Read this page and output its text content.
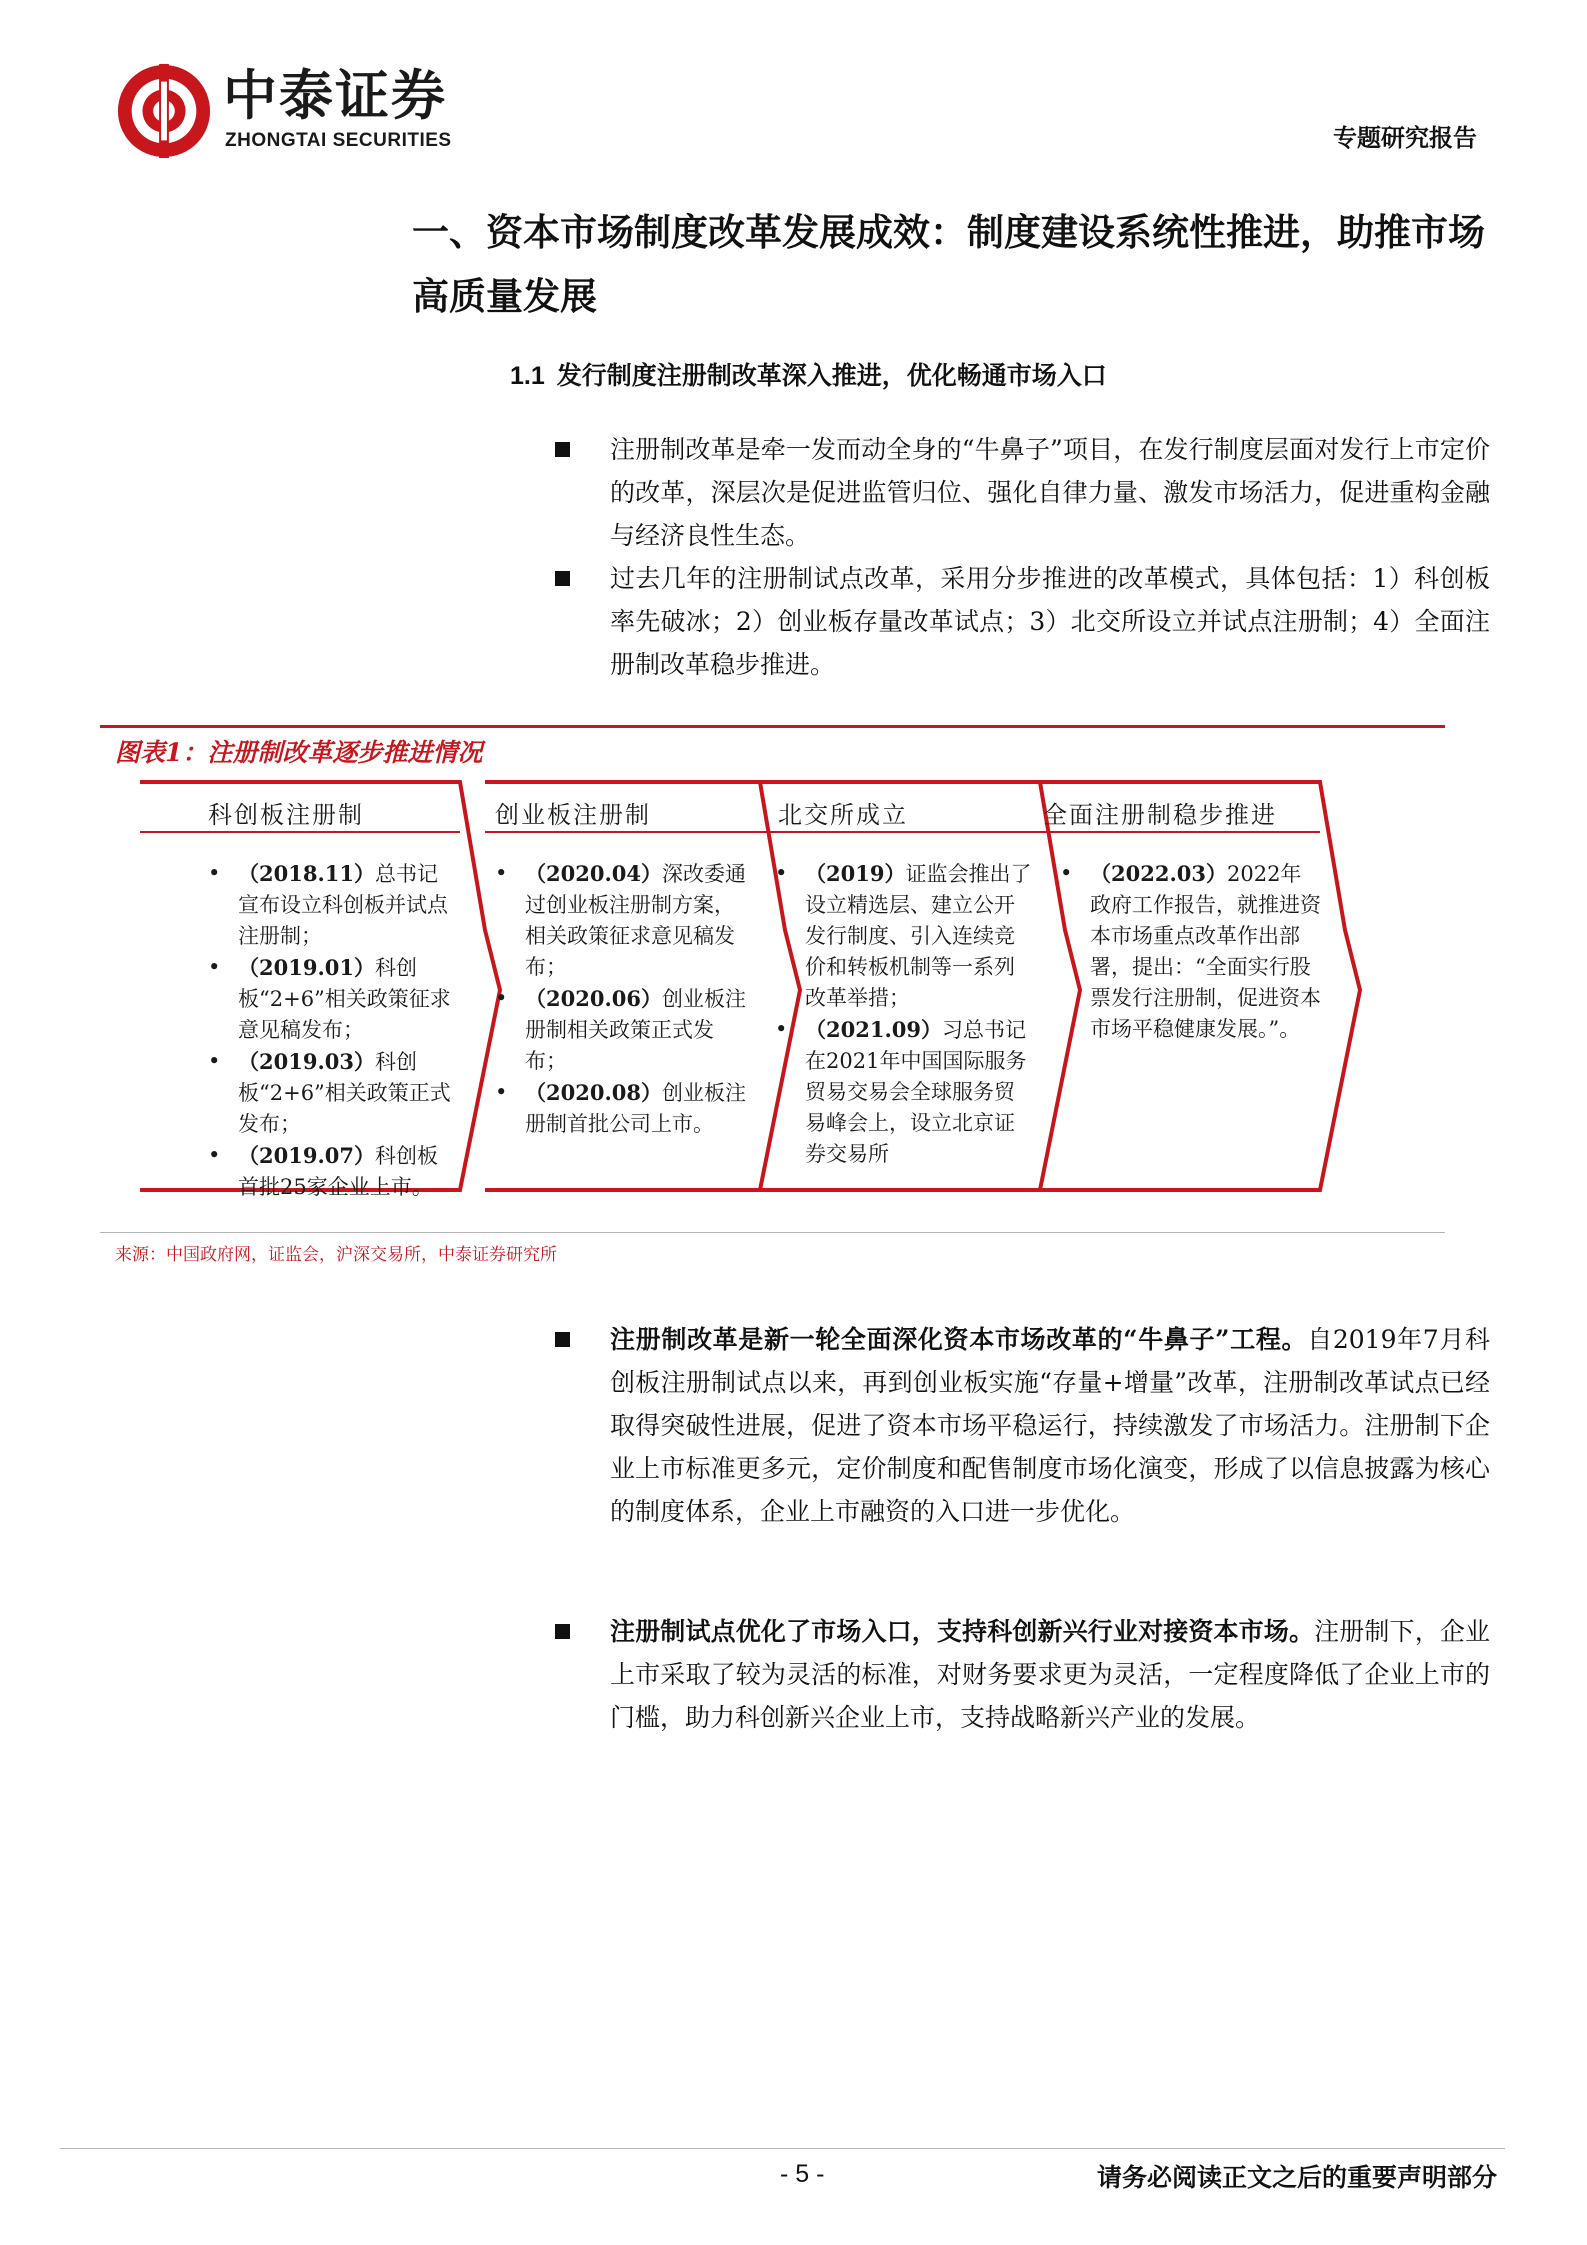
中泰证券
ZHONGTAI SECURITIES	专题研究报告
一、资本市场制度改革发展成效：制度建设系统性推进，助推市场高质量发展
1.1 发行制度注册制改革深入推进，优化畅通市场入口
注册制改革是牵一发而动全身的“牛鼻子”项目，在发行制度层面对发行上市定价的改革，深层次是促进监管归位、强化自律力量、激发市场活力，促进重构金融与经济良性生态。
过去几年的注册制试点改革，采用分步推进的改革模式，具体包括：1）科创板率先破冰；2）创业板存量改革试点；3）北交所设立并试点注册制；4）全面注册制改革稳步推进。
图表1：注册制改革逐步推进情况
科创板注册制
• （2018.11）总书记宣布设立科创板并试点注册制；
• （2019.01）科创板“2+6”相关政策征求意见稿发布；
• （2019.03）科创板“2+6”相关政策正式发布；
• （2019.07）科创板首批25家企业上市。
创业板注册制
• （2020.04）深改委通过创业板注册制方案，相关政策征求意见稿发布；
• （2020.06）创业板注册制相关政策正式发布；
• （2020.08）创业板注册制首批公司上市。
北交所成立
• （2019）证监会推出了设立精选层、建立公开发行制度、引入连续竞价和转板机制等一系列改革举措；
• （2021.09）习总书记在2021年中国国际服务贸易交易会全球服务贸易峰会上，设立北京证券交易所
全面注册制稳步推进
• （2022.03）2022年政府工作报告，就推进资本市场重点改革作出部署，提出：“全面实行股票发行注册制，促进资本市场平稳健康发展。”。
来源：中国政府网，证监会，沪深交易所，中泰证券研究所
注册制改革是新一轮全面深化资本市场改革的“牛鼻子”工程。自2019年7月科创板注册制试点以来，再到创业板实施“存量+增量”改革，注册制改革试点已经取得突破性进展，促进了资本市场平稳运行，持续激发了市场活力。注册制下企业上市标准更多元，定价制度和配售制度市场化演变，形成了以信息披露为核心的制度体系，企业上市融资的入口进一步优化。
注册制试点优化了市场入口，支持科创新兴行业对接资本市场。注册制下，企业上市采取了较为灵活的标准，对财务要求更为灵活，一定程度降低了企业上市的门槛，助力科创新兴企业上市，支持战略新兴产业的发展。
- 5 -	请务必阅读正文之后的重要声明部分
